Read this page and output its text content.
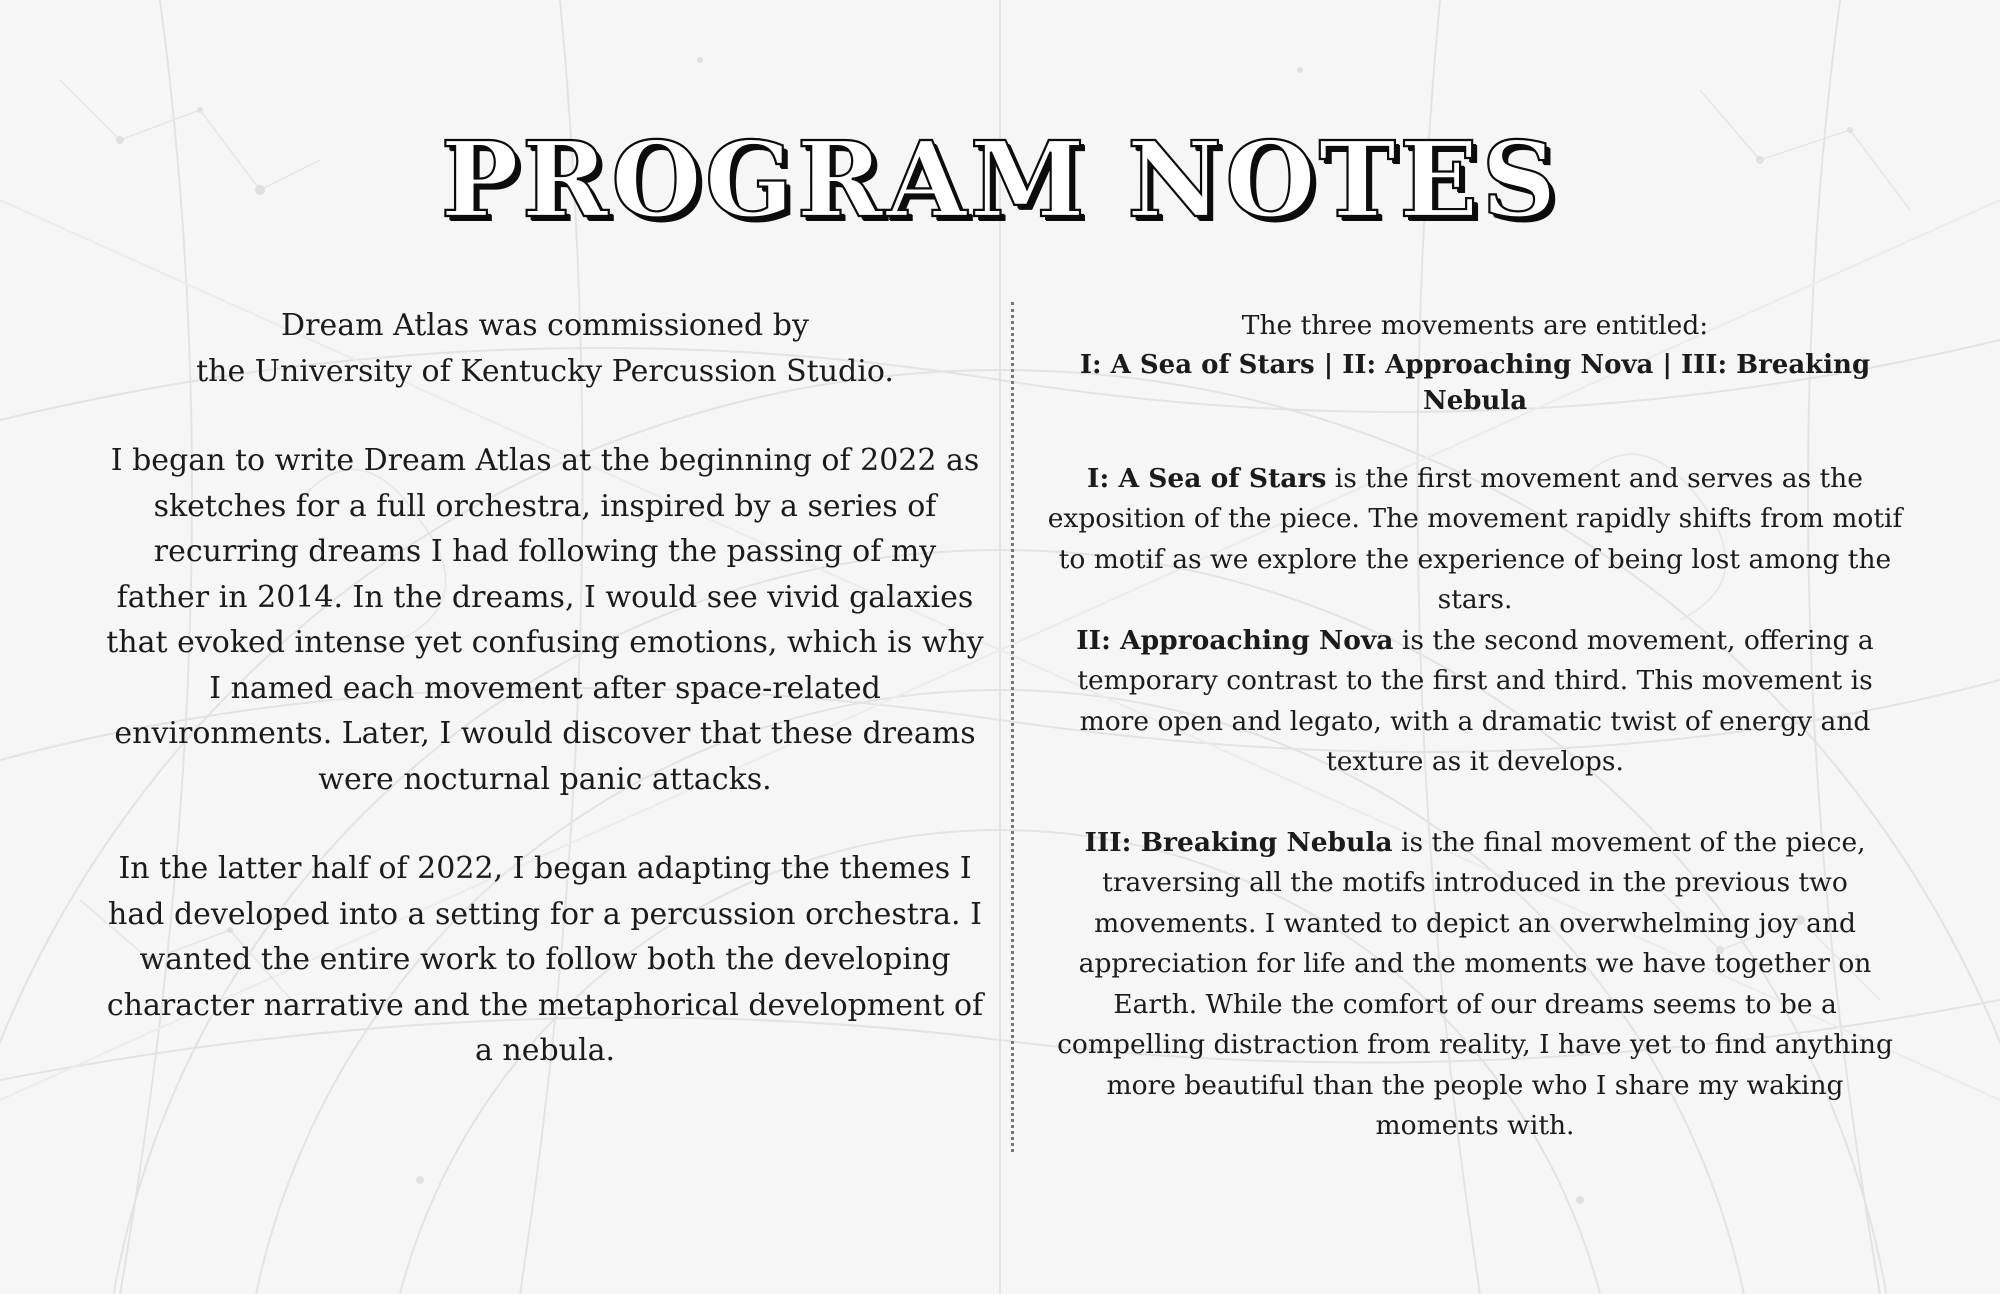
PROGRAM NOTES

Dream Atlas was commissioned by

the University of Kentucky Percussion Studio.

I began to write Dream Atlas at the beginning of 2022 as sketches for a full orchestra, inspired by a series of recurring dreams I had following the passing of my father in 2014. In the dreams, I would see vivid galaxies that evoked intense yet confusing emotions, which is why I named each movement after space-related environments. Later, I would discover that these dreams were nocturnal panic attacks.

In the latter half of 2022, I began adapting the themes I had developed into a setting for a percussion orchestra. I wanted the entire work to follow both the developing character narrative and the metaphorical development of a nebula.

The three movements are entitled:

I: A Sea of Stars | II: Approaching Nova | III: Breaking Nebula

I: A Sea of Stars is the first movement and serves as the exposition of the piece. The movement rapidly shifts from motif to motif as we explore the experience of being lost among the stars.

II: Approaching Nova is the second movement, offering a temporary contrast to the first and third. This movement is more open and legato, with a dramatic twist of energy and texture as it develops.

III: Breaking Nebula is the final movement of the piece, traversing all the motifs introduced in the previous two movements. I wanted to depict an overwhelming joy and appreciation for life and the moments we have together on Earth. While the comfort of our dreams seems to be a compelling distraction from reality, I have yet to find anything more beautiful than the people who I share my waking moments with.
